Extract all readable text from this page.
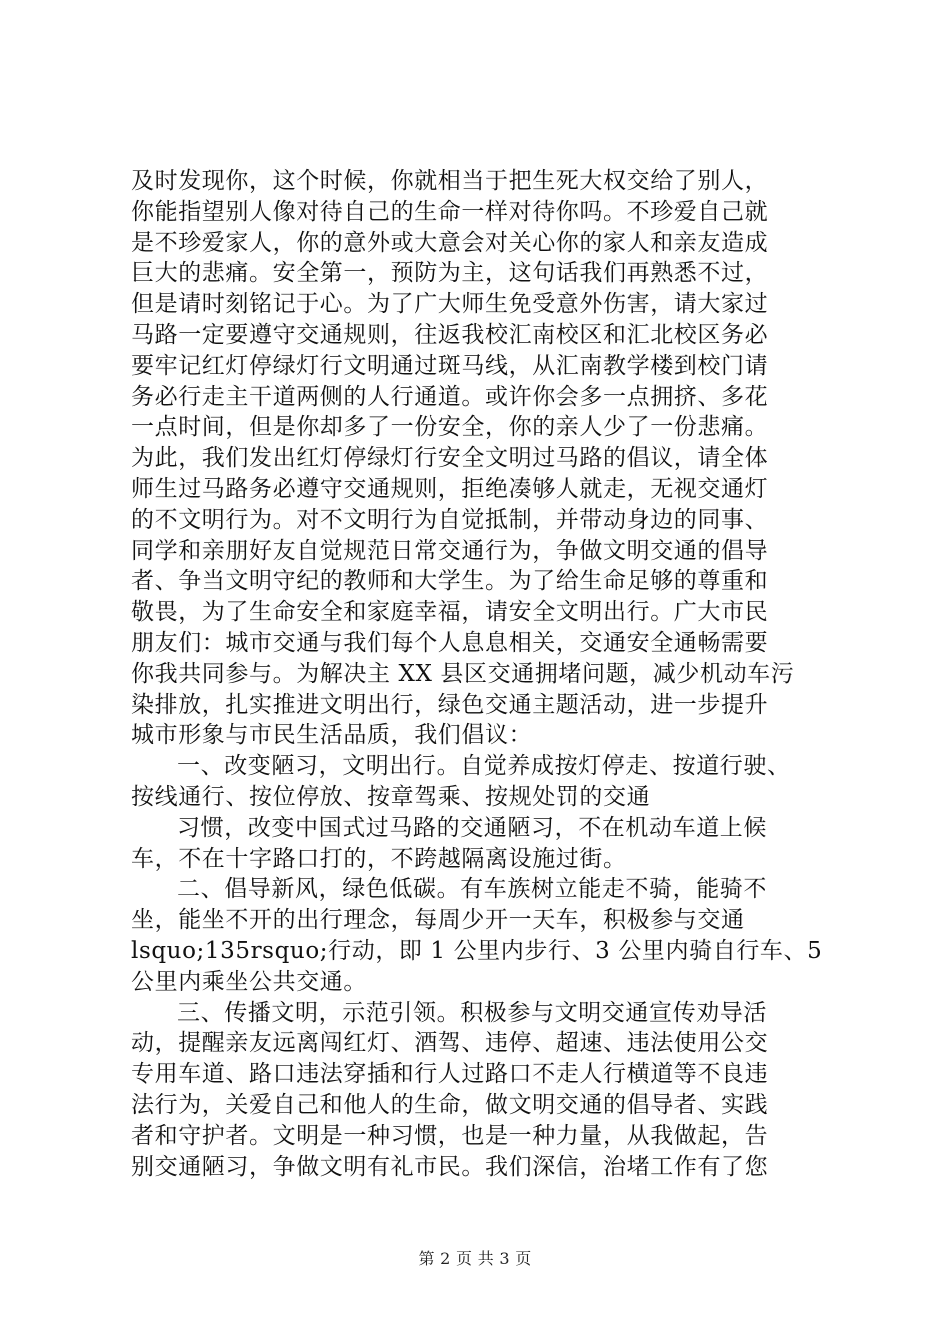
及时发现你，这个时候，你就相当于把生死大权交给了别人，
你能指望别人像对待自己的生命一样对待你吗。不珍爱自己就
是不珍爱家人，你的意外或大意会对关心你的家人和亲友造成
巨大的悲痛。安全第一，预防为主，这句话我们再熟悉不过，
但是请时刻铭记于心。为了广大师生免受意外伤害，请大家过
马路一定要遵守交通规则，往返我校汇南校区和汇北校区务必
要牢记红灯停绿灯行文明通过斑马线，从汇南教学楼到校门请
务必行走主干道两侧的人行通道。或许你会多一点拥挤、多花
一点时间，但是你却多了一份安全，你的亲人少了一份悲痛。
为此，我们发出红灯停绿灯行安全文明过马路的倡议，请全体
师生过马路务必遵守交通规则，拒绝凑够人就走，无视交通灯
的不文明行为。对不文明行为自觉抵制，并带动身边的同事、
同学和亲朋好友自觉规范日常交通行为，争做文明交通的倡导
者、争当文明守纪的教师和大学生。为了给生命足够的尊重和
敬畏，为了生命安全和家庭幸福，请安全文明出行。广大市民
朋友们：城市交通与我们每个人息息相关，交通安全通畅需要
你我共同参与。为解决主 XX 县区交通拥堵问题，减少机动车污
染排放，扎实推进文明出行，绿色交通主题活动，进一步提升
城市形象与市民生活品质，我们倡议：
一、改变陋习，文明出行。自觉养成按灯停走、按道行驶、
按线通行、按位停放、按章驾乘、按规处罚的交通
习惯，改变中国式过马路的交通陋习，不在机动车道上候
车，不在十字路口打的，不跨越隔离设施过街。
二、倡导新风，绿色低碳。有车族树立能走不骑，能骑不
坐，能坐不开的出行理念，每周少开一天车，积极参与交通
lsquo;135rsquo;行动，即 1 公里内步行、3 公里内骑自行车、5
公里内乘坐公共交通。
三、传播文明，示范引领。积极参与文明交通宣传劝导活
动，提醒亲友远离闯红灯、酒驾、违停、超速、违法使用公交
专用车道、路口违法穿插和行人过路口不走人行横道等不良违
法行为，关爱自己和他人的生命，做文明交通的倡导者、实践
者和守护者。文明是一种习惯，也是一种力量，从我做起，告
别交通陋习，争做文明有礼市民。我们深信，治堵工作有了您
第 2 页 共 3 页
